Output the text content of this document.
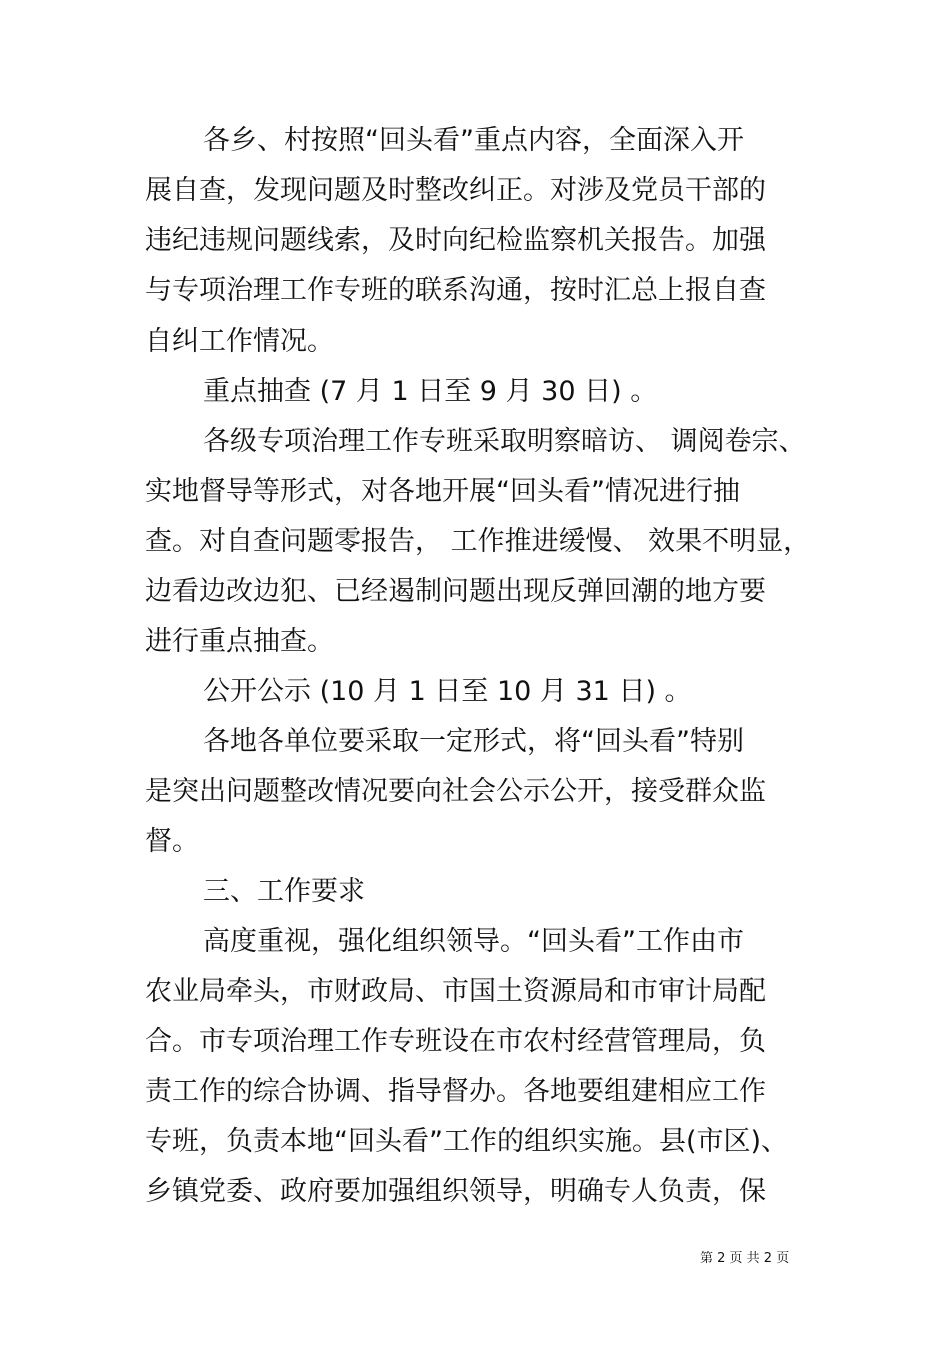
各乡、村按照“回头看”重点内容，全面深入开
展自查，发现问题及时整改纠正。对涉及党员干部的
违纪违规问题线索，及时向纪检监察机关报告。加强
与专项治理工作专班的联系沟通，按时汇总上报自查
自纠工作情况。
重点抽查 (7 月 1 日至 9 月 30 日) 。
各级专项治理工作专班采取明察暗访、 调阅卷宗、
实地督导等形式，对各地开展“回头看”情况进行抽
查。对自查问题零报告， 工作推进缓慢、 效果不明显，
边看边改边犯、已经遏制问题出现反弹回潮的地方要
进行重点抽查。
公开公示 (10 月 1 日至 10 月 31 日) 。
各地各单位要采取一定形式，将“回头看”特别
是突出问题整改情况要向社会公示公开，接受群众监
督。
三、工作要求
高度重视，强化组织领导。“回头看”工作由市
农业局牵头，市财政局、市国土资源局和市审计局配
合。市专项治理工作专班设在市农村经营管理局，负
责工作的综合协调、指导督办。各地要组建相应工作
专班，负责本地“回头看”工作的组织实施。县(市区)、
乡镇党委、政府要加强组织领导，明确专人负责，保
第 2 页 共 2 页
